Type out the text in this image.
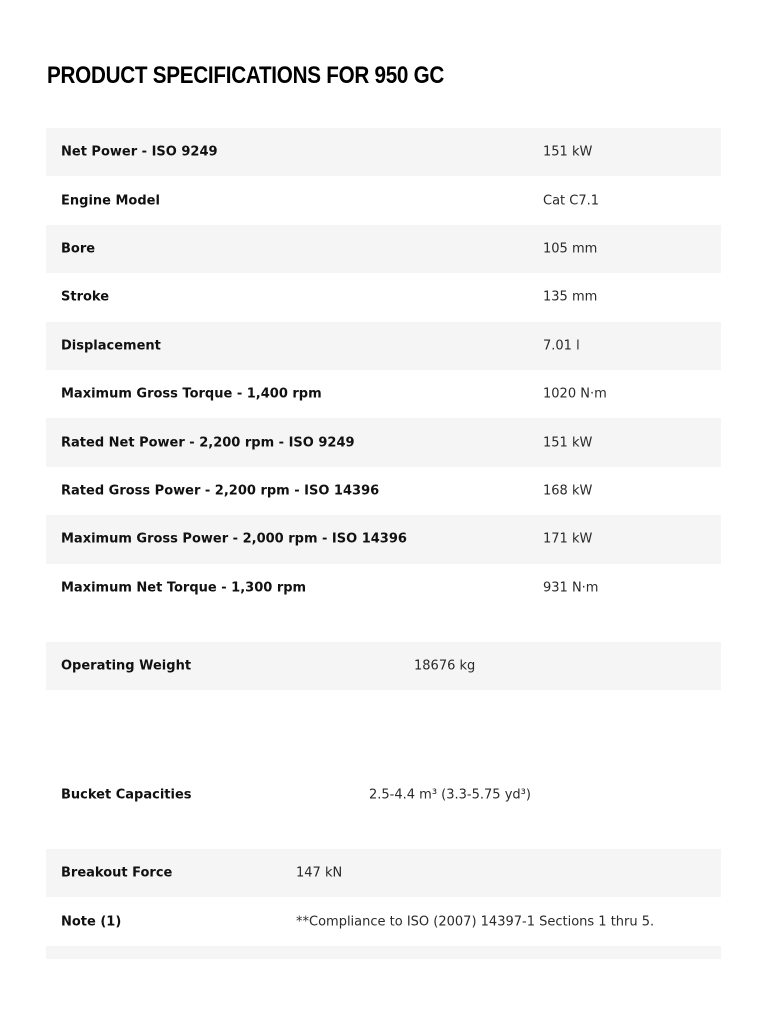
PRODUCT SPECIFICATIONS FOR 950 GC
Net Power - ISO 9249	151 kW
Engine Model	Cat C7.1
Bore	105 mm
Stroke	135 mm
Displacement	7.01 l
Maximum Gross Torque - 1,400 rpm	1020 N·m
Rated Net Power - 2,200 rpm - ISO 9249	151 kW
Rated Gross Power - 2,200 rpm - ISO 14396	168 kW
Maximum Gross Power - 2,000 rpm - ISO 14396	171 kW
Maximum Net Torque - 1,300 rpm	931 N·m
Operating Weight	18676 kg
Bucket Capacities	2.5-4.4 m³ (3.3-5.75 yd³)
Breakout Force	147 kN
Note (1)	**Compliance to ISO (2007) 14397-1 Sections 1 thru 5.
